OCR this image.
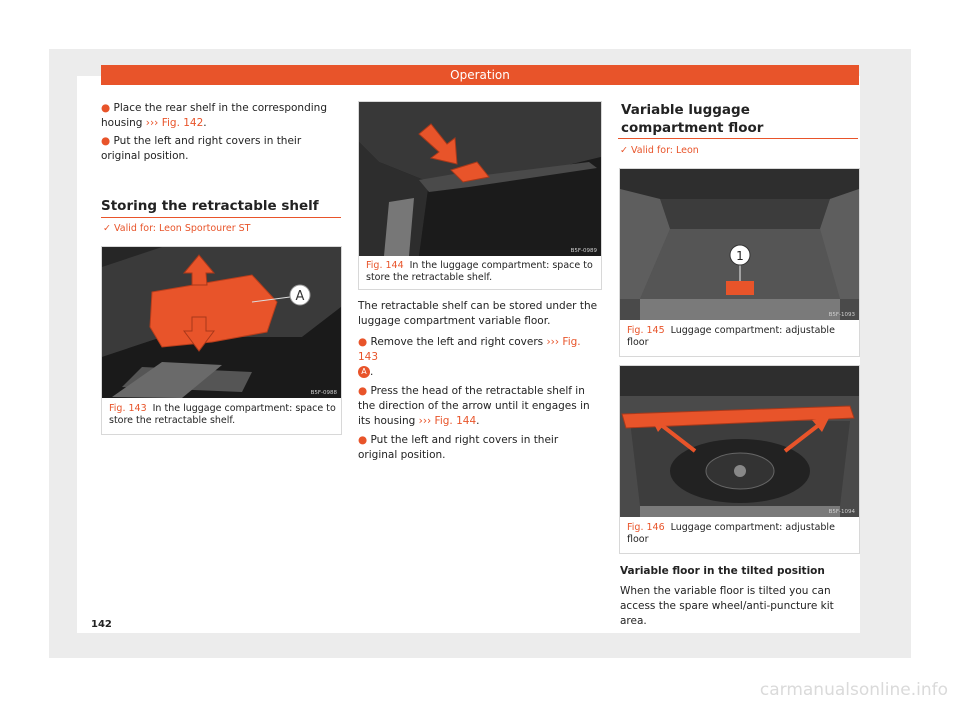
Operation

● Place the rear shelf in the corresponding housing ››› Fig. 142.

● Put the left and right covers in their original position.

Storing the retractable shelf
✓ Valid for: Leon Sportourer ST
A
B5F-0988
Fig. 143 In the luggage compartment: space to store the retractable shelf.
B5F-0989
Fig. 144 In the luggage compartment: space to store the retractable shelf.

The retractable shelf can be stored under the luggage compartment variable floor.

● Remove the left and right covers ››› Fig. 143
A .

● Press the head of the retractable shelf in the direction of the arrow until it engages in its housing ››› Fig. 144.

● Put the left and right covers in their original position.

Variable luggage compartment floor
✓ Valid for: Leon
1
B5F-1093
Fig. 145 Luggage compartment: adjustable floor
B5F-1094
Fig. 146 Luggage compartment: adjustable floor

Variable floor in the tilted position

When the variable floor is tilted you can access the spare wheel/anti-puncture kit area.

142
carmanualsonline.info
